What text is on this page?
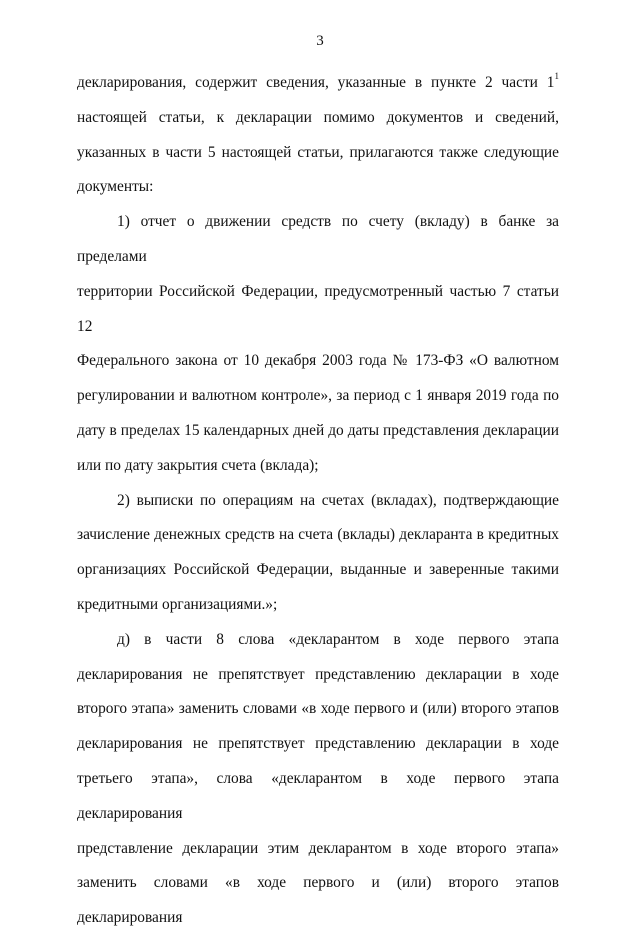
3

декларирования, содержит сведения, указанные в пункте 2 части $1^1$

настоящей статьи, к декларации помимо документов и сведений,

указанных в части 5 настоящей статьи, прилагаются также следующие

документы:

1) отчет о движении средств по счету (вкладу) в банке за пределами

территории Российской Федерации, предусмотренный частью 7 статьи 12

Федерального закона от 10 декабря 2003 года № 173-ФЗ «О валютном

регулировании и валютном контроле», за период с 1 января 2019 года по

дату в пределах 15 календарных дней до даты представления декларации

или по дату закрытия счета (вклада);

2) выписки по операциям на счетах (вкладах), подтверждающие

зачисление денежных средств на счета (вклады) декларанта в кредитных

организациях Российской Федерации, выданные и заверенные такими

кредитными организациями.»;

д) в части 8 слова «декларантом в ходе первого этапа

декларирования не препятствует представлению декларации в ходе

второго этапа» заменить словами «в ходе первого и (или) второго этапов

декларирования не препятствует представлению декларации в ходе

третьего этапа», слова «декларантом в ходе первого этапа декларирования

представление декларации этим декларантом в ходе второго этапа»

заменить словами «в ходе первого и (или) второго этапов декларирования
